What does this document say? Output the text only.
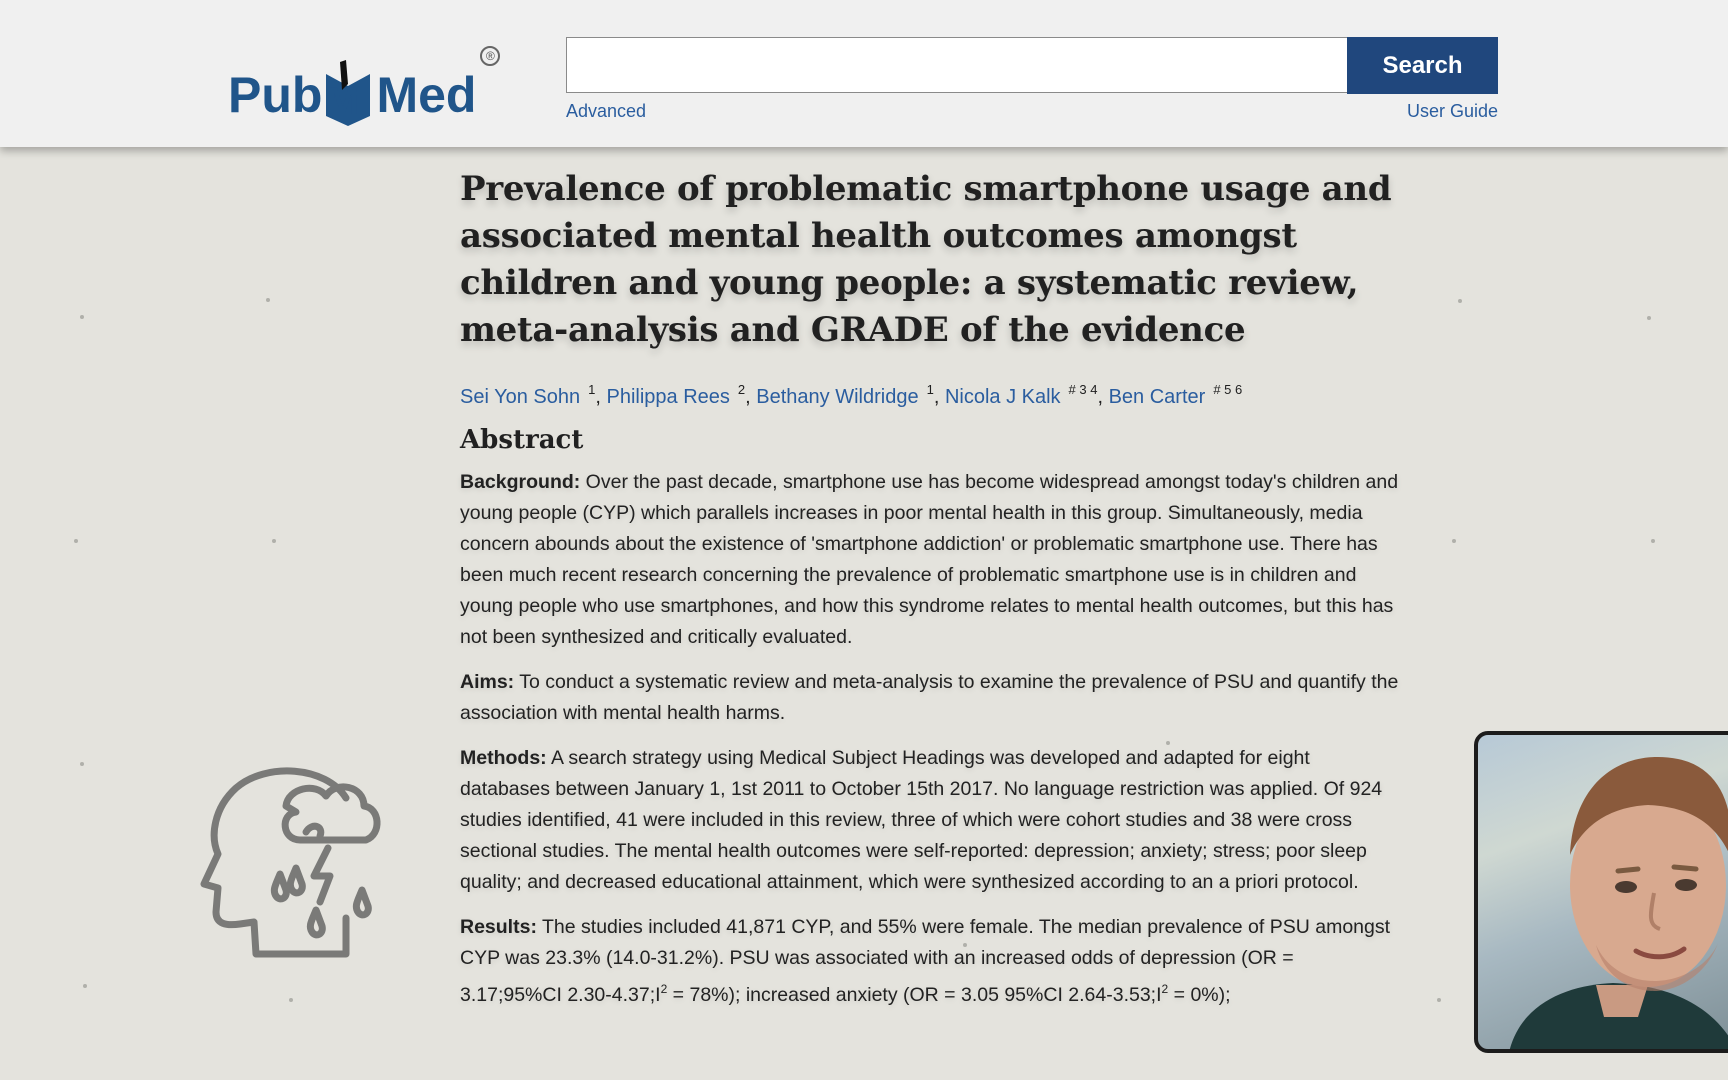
Pub M Med
®	Search
Advanced	User Guide
Prevalence of problematic smartphone usage and associated mental health outcomes amongst children and young people: a systematic review, meta-analysis and GRADE of the evidence
Sei Yon Sohn $^1$, Philippa Rees $^2$, Bethany Wildridge $^1$, Nicola J Kalk $^{\# 3 4}$, Ben Carter $^{\# 5 6}$
Abstract

Background: Over the past decade, smartphone use has become widespread amongst today's children and young people (CYP) which parallels increases in poor mental health in this group. Simultaneously, media concern abounds about the existence of 'smartphone addiction' or problematic smartphone use. There has been much recent research concerning the prevalence of problematic smartphone use is in children and young people who use smartphones, and how this syndrome relates to mental health outcomes, but this has not been synthesized and critically evaluated.

Aims: To conduct a systematic review and meta-analysis to examine the prevalence of PSU and quantify the association with mental health harms.

Methods: A search strategy using Medical Subject Headings was developed and adapted for eight databases between January 1, 1st 2011 to October 15th 2017. No language restriction was applied. Of 924 studies identified, 41 were included in this review, three of which were cohort studies and 38 were cross sectional studies. The mental health outcomes were self-reported: depression; anxiety; stress; poor sleep quality; and decreased educational attainment, which were synthesized according to an a priori protocol.

Results: The studies included 41,871 CYP, and 55% were female. The median prevalence of PSU amongst CYP was 23.3% (14.0-31.2%). PSU was associated with an increased odds of depression (OR = 3.17;95%CI $2.30-4.37;I^2 = 78\%$); increased anxiety (OR = 3.05 95%CI $2.64-3.53;I^2 = 0\%$);
